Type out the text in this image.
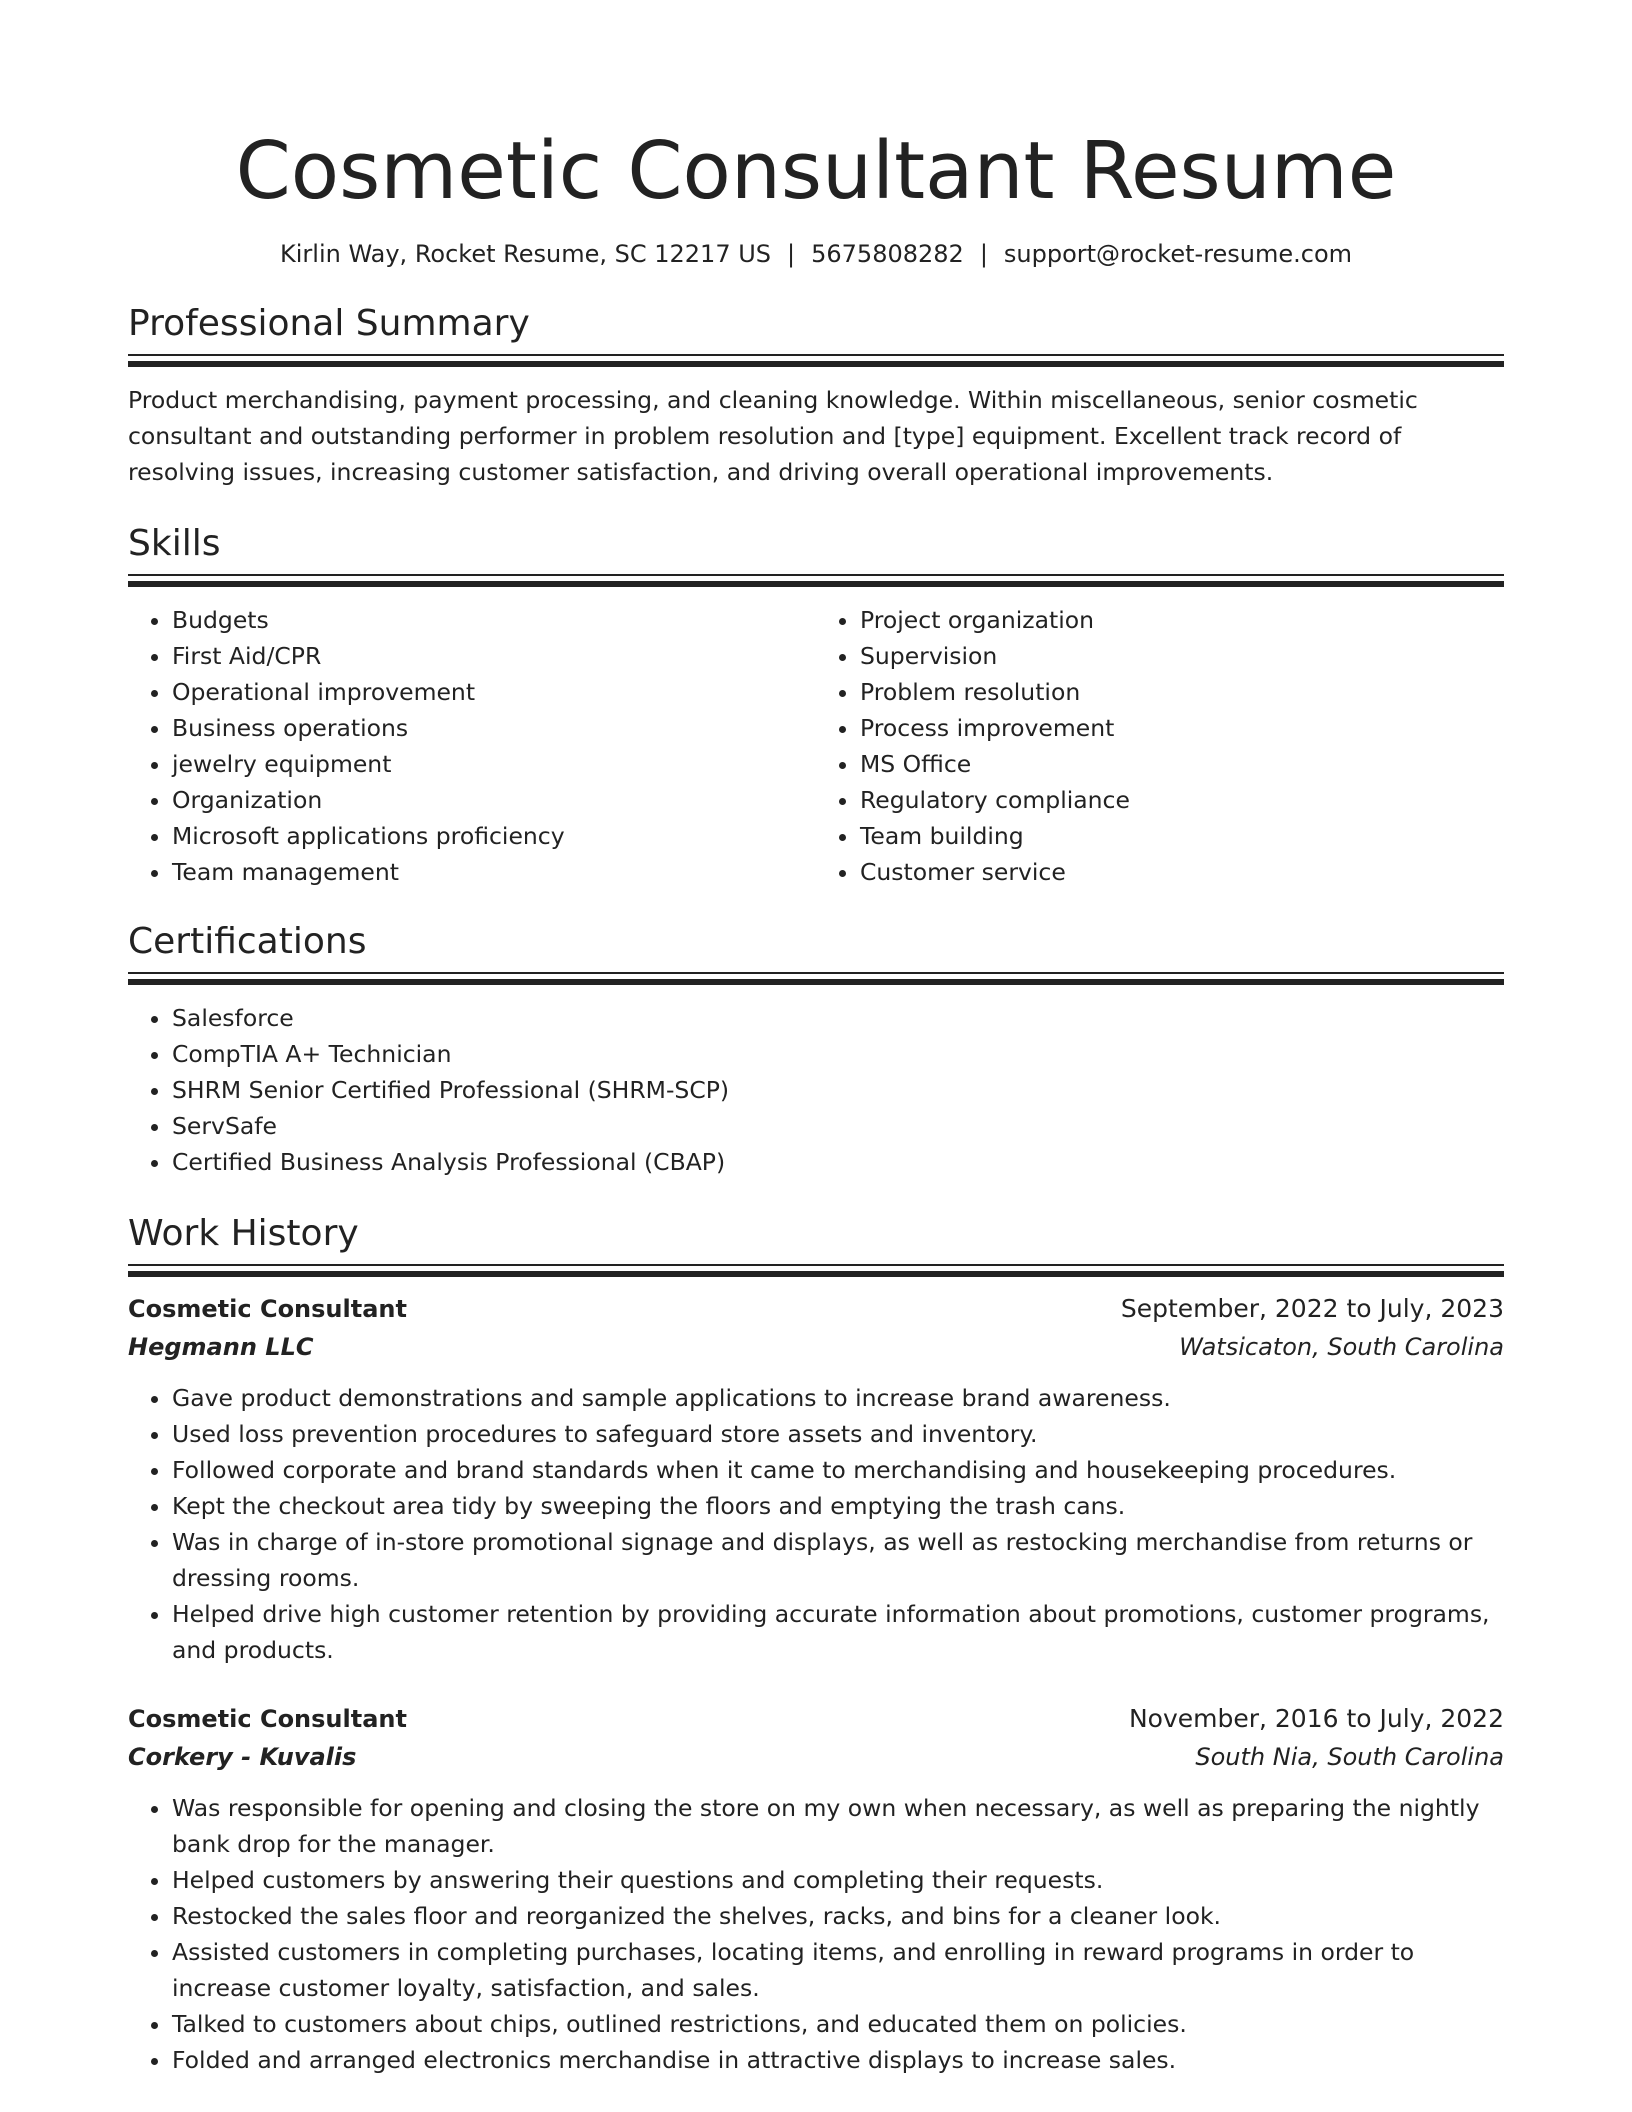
Cosmetic Consultant Resume
Kirlin Way, Rocket Resume, SC 12217 US | 5675808282 | support@rocket-resume.com
Professional Summary

Product merchandising, payment processing, and cleaning knowledge. Within miscellaneous, senior cosmetic consultant and outstanding performer in problem resolution and [type] equipment. Excellent track record of resolving issues, increasing customer satisfaction, and driving overall operational improvements.

Skills
• Budgets
• First Aid/CPR
• Operational improvement
• Business operations
• jewelry equipment
• Organization
• Microsoft applications proficiency
• Team management
• Project organization
• Supervision
• Problem resolution
• Process improvement
• MS Office
• Regulatory compliance
• Team building
• Customer service
Certifications
• Salesforce
• CompTIA A+ Technician
• SHRM Senior Certified Professional (SHRM-SCP)
• ServSafe
• Certified Business Analysis Professional (CBAP)
Work History
Cosmetic Consultant	September, 2022 to July, 2023
Hegmann LLC	Watsicaton, South Carolina
• Gave product demonstrations and sample applications to increase brand awareness.
• Used loss prevention procedures to safeguard store assets and inventory.
• Followed corporate and brand standards when it came to merchandising and housekeeping procedures.
• Kept the checkout area tidy by sweeping the floors and emptying the trash cans.
• Was in charge of in-store promotional signage and displays, as well as restocking merchandise from returns or dressing rooms.
• Helped drive high customer retention by providing accurate information about promotions, customer programs, and products.
Cosmetic Consultant	November, 2016 to July, 2022
Corkery - Kuvalis	South Nia, South Carolina
• Was responsible for opening and closing the store on my own when necessary, as well as preparing the nightly bank drop for the manager.
• Helped customers by answering their questions and completing their requests.
• Restocked the sales floor and reorganized the shelves, racks, and bins for a cleaner look.
• Assisted customers in completing purchases, locating items, and enrolling in reward programs in order to increase customer loyalty, satisfaction, and sales.
• Talked to customers about chips, outlined restrictions, and educated them on policies.
• Folded and arranged electronics merchandise in attractive displays to increase sales.
